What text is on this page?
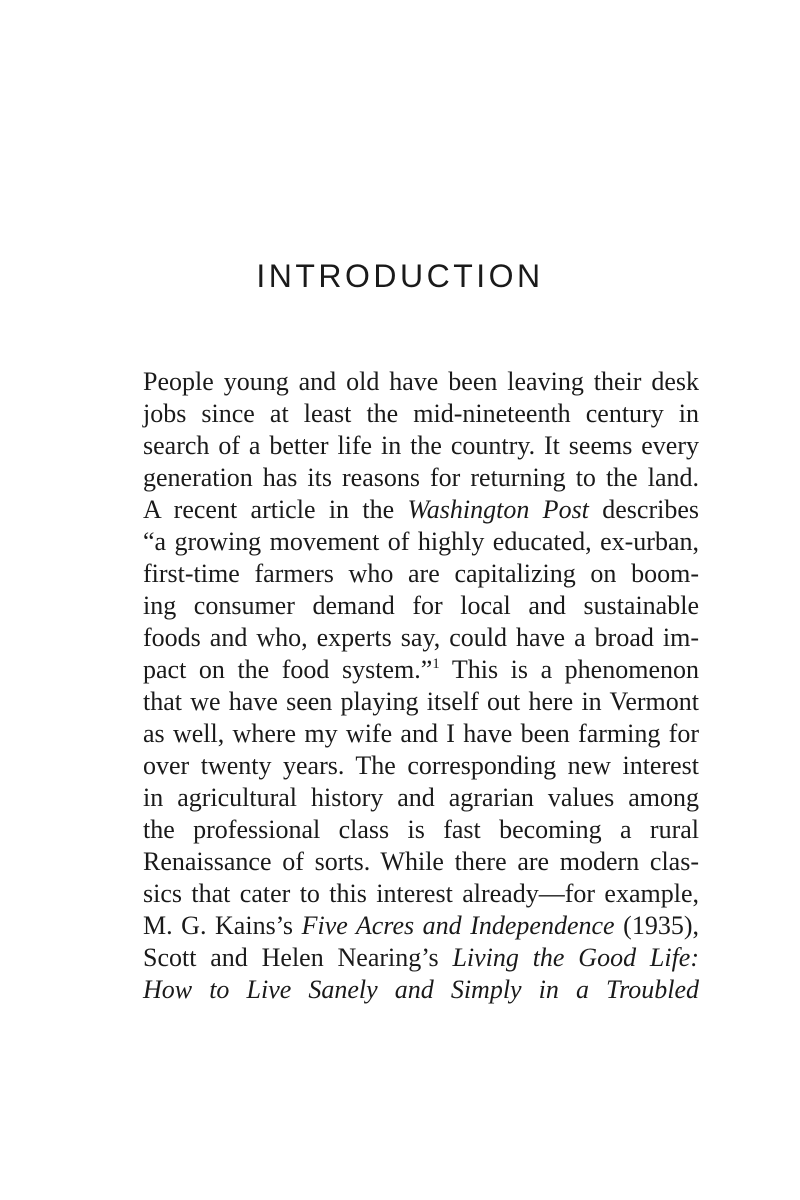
INTRODUCTION
People young and old have been leaving their desk
jobs since at least the mid-nineteenth century in
search of a better life in the country. It seems every
generation has its reasons for returning to the land.
A recent article in the Washington Post describes
“a growing movement of highly educated, ex-urban,
first-time farmers who are capitalizing on boom-
ing consumer demand for local and sustainable
foods and who, experts say, could have a broad im-
pact on the food system.”$^1$ This is a phenomenon
that we have seen playing itself out here in Vermont
as well, where my wife and I have been farming for
over twenty years. The corresponding new interest
in agricultural history and agrarian values among
the professional class is fast becoming a rural
Renaissance of sorts. While there are modern clas-
sics that cater to this interest already—for example,
M. G. Kains’s Five Acres and Independence (1935),
Scott and Helen Nearing’s Living the Good Life:
How to Live Sanely and Simply in a Troubled
